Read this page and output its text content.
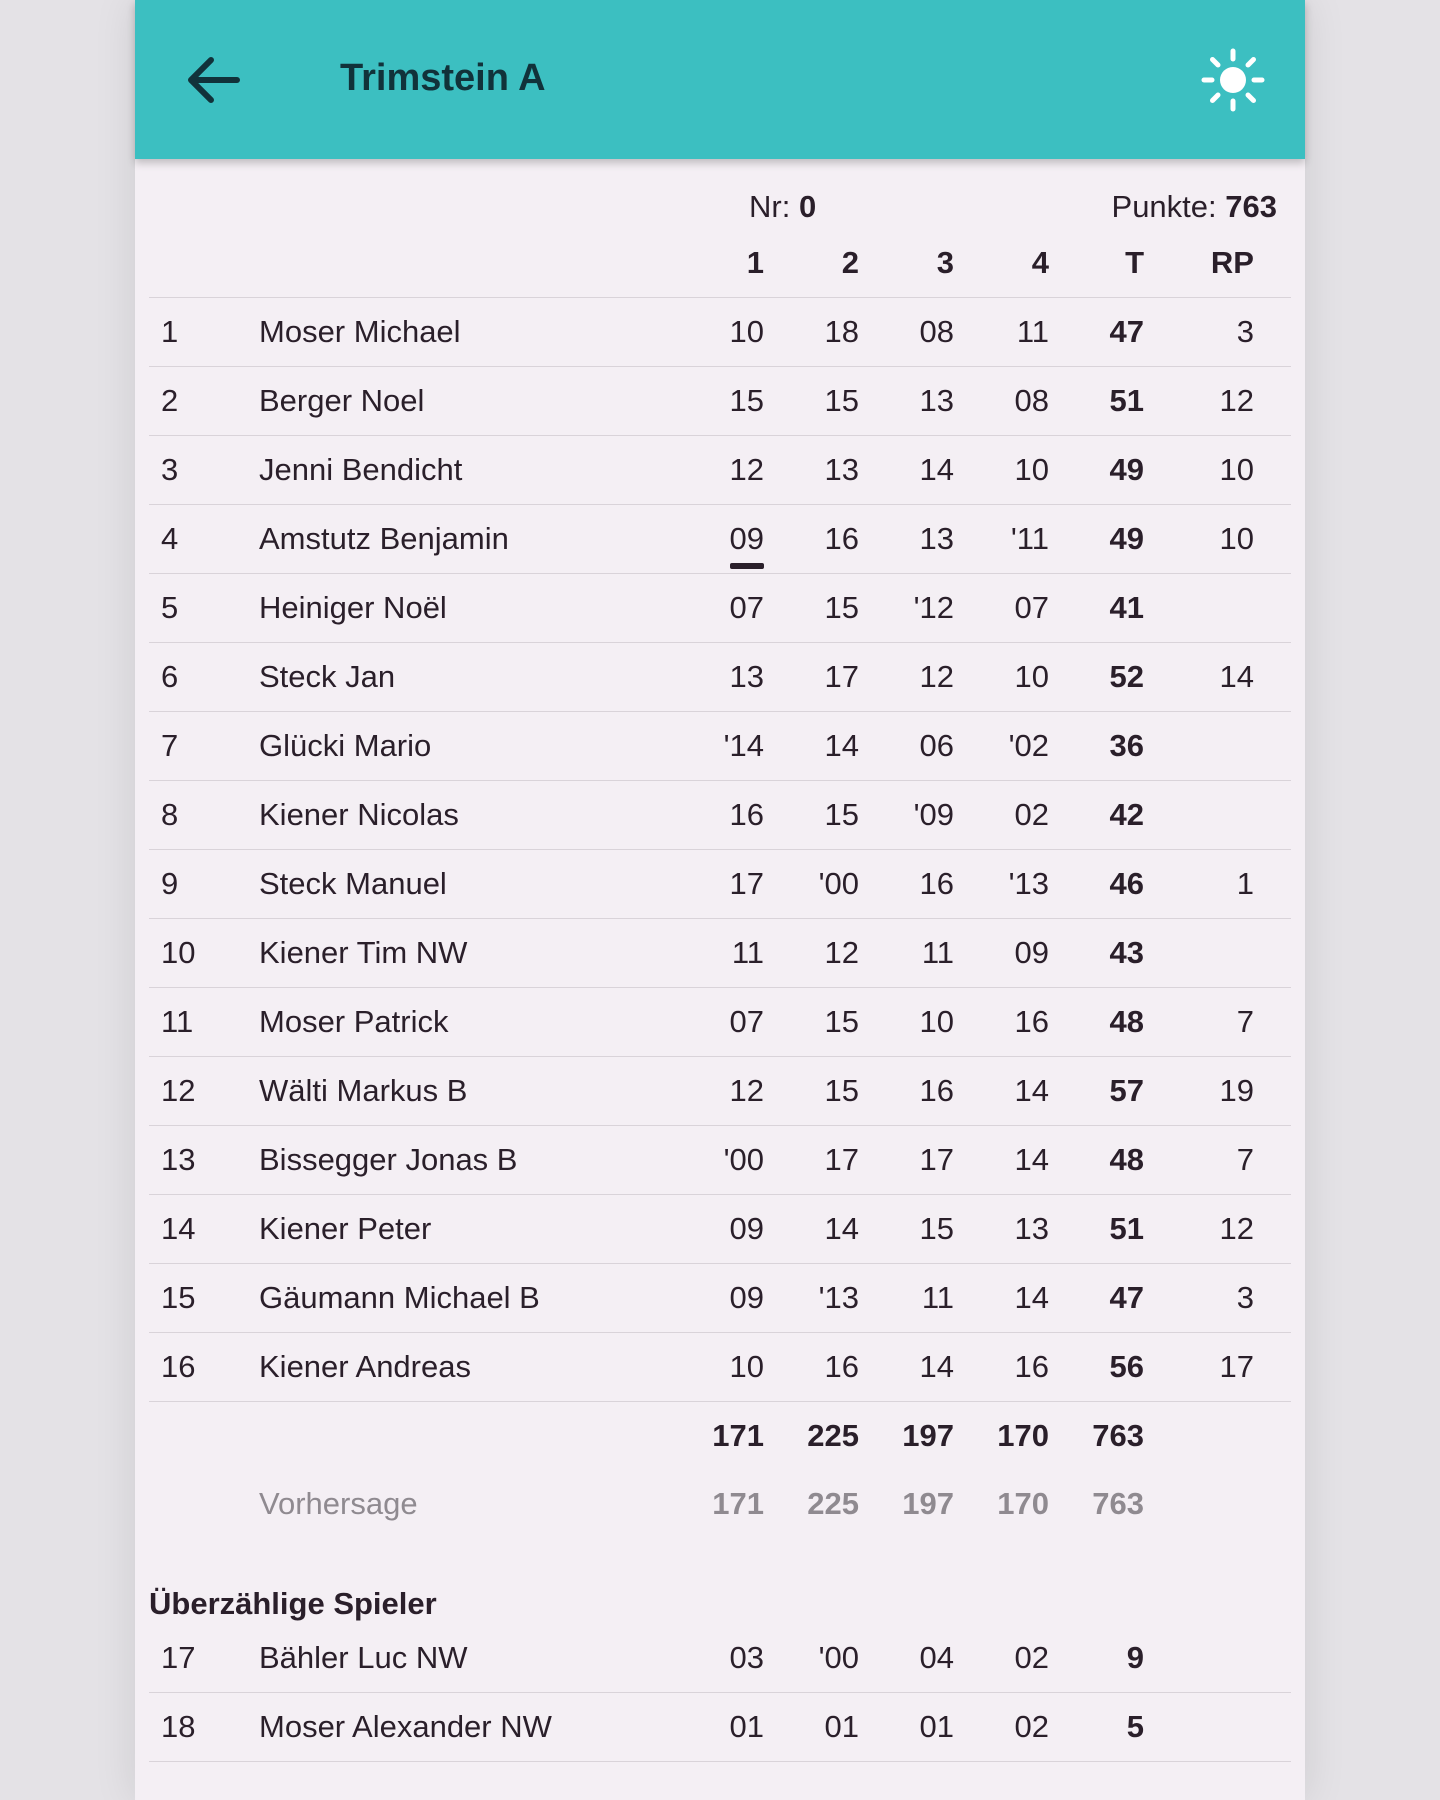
Trimstein A
Nr: 0	Punkte: 763
1	2	3	4	T	RP
1	Moser Michael	10	18	08	11	47	3
2	Berger Noel	15	15	13	08	51	12
3	Jenni Bendicht	12	13	14	10	49	10
4	Amstutz Benjamin	09	16	13	'11	49	10
5	Heiniger Noël	07	15	'12	07	41
6	Steck Jan	13	17	12	10	52	14
7	Glücki Mario	'14	14	06	'02	36
8	Kiener Nicolas	16	15	'09	02	42
9	Steck Manuel	17	'00	16	'13	46	1
10	Kiener Tim NW	11	12	11	09	43
11	Moser Patrick	07	15	10	16	48	7
12	Wälti Markus B	12	15	16	14	57	19
13	Bissegger Jonas B	'00	17	17	14	48	7
14	Kiener Peter	09	14	15	13	51	12
15	Gäumann Michael B	09	'13	11	14	47	3
16	Kiener Andreas	10	16	14	16	56	17
171	225	197	170	763
Vorhersage	171	225	197	170	763
Überzählige Spieler
17	Bähler Luc NW	03	'00	04	02	9
18	Moser Alexander NW	01	01	01	02	5
